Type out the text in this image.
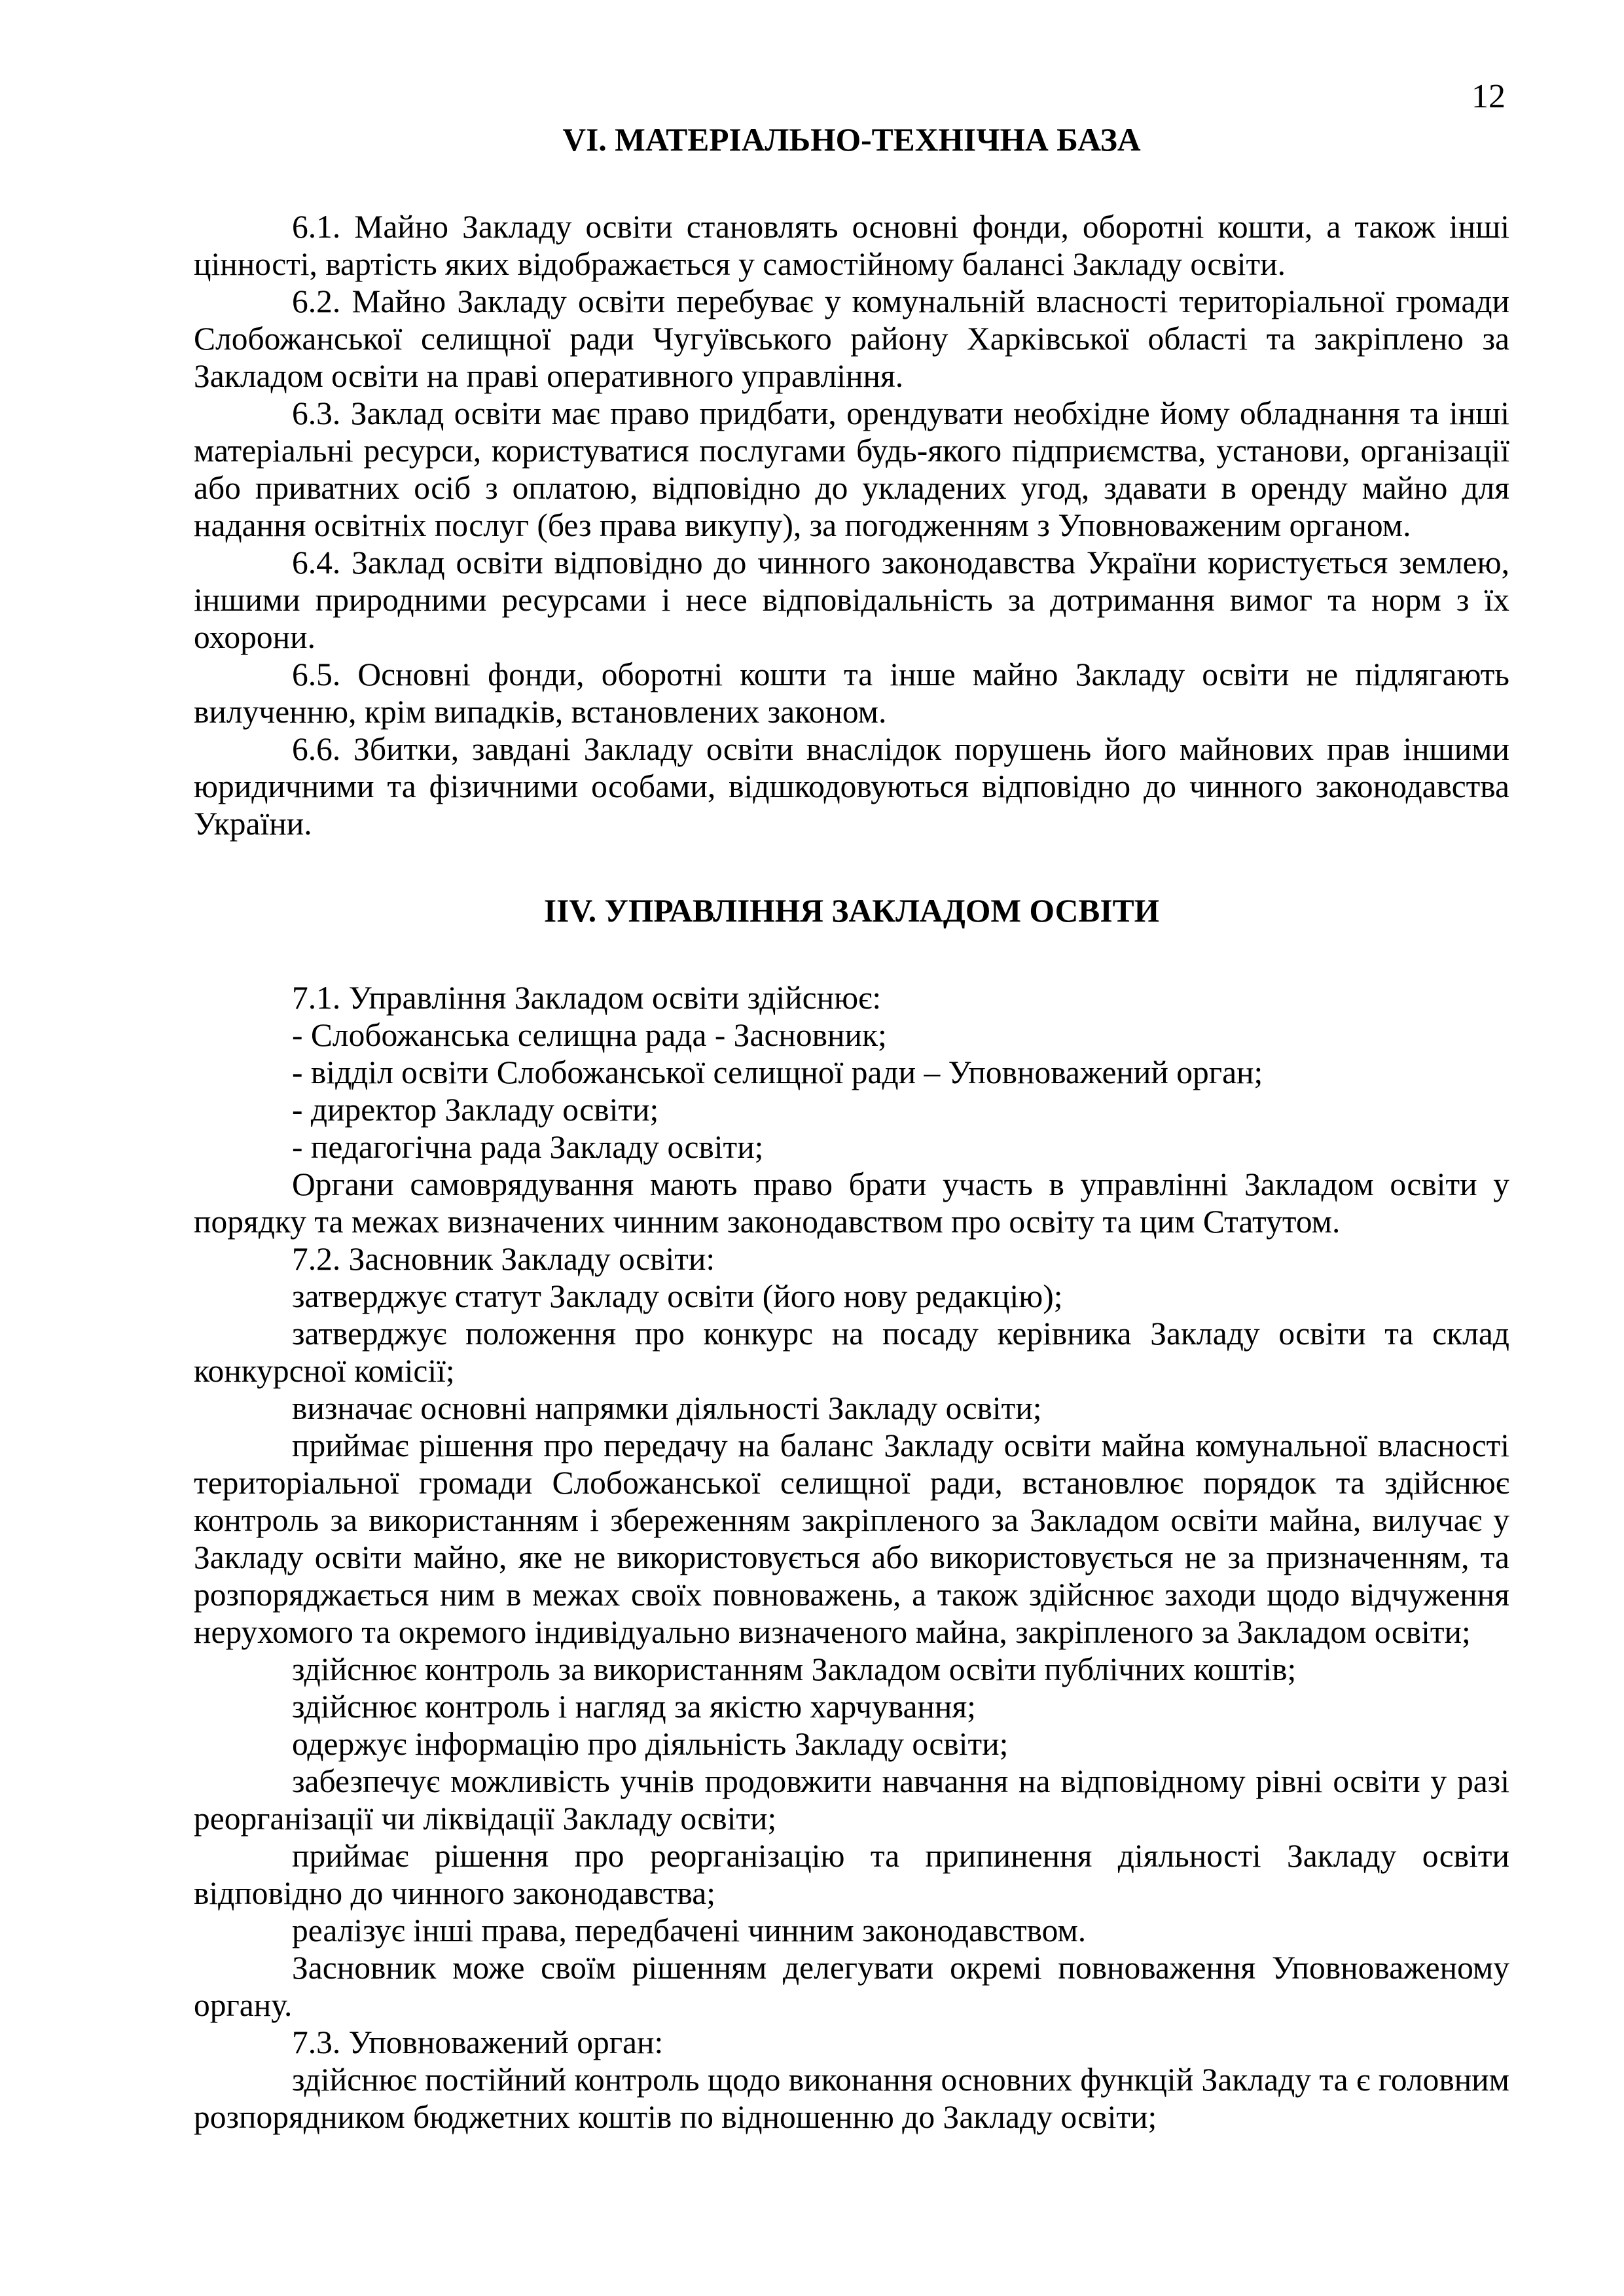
12
VI. МАТЕРІАЛЬНО-ТЕХНІЧНА БАЗА

6.1. Майно Закладу освіти становлять основні фонди, оборотні кошти, а також інші цінності, вартість яких відображається у самостійному балансі Закладу освіти.

6.2. Майно Закладу освіти перебуває у комунальній власності територіальної громади Слобожанської селищної ради Чугуївського району Харківської області та закріплено за Закладом освіти на праві оперативного управління.

6.3. Заклад освіти має право придбати, орендувати необхідне йому обладнання та інші матеріальні ресурси, користуватися послугами будь-якого підприємства, установи, організації або приватних осіб з оплатою, відповідно до укладених угод, здавати в оренду майно для надання освітніх послуг (без права викупу), за погодженням з Уповноваженим органом.

6.4. Заклад освіти відповідно до чинного законодавства України користується землею, іншими природними ресурсами і несе відповідальність за дотримання вимог та норм з їх охорони.

6.5. Основні фонди, оборотні кошти та інше майно Закладу освіти не підлягають вилученню, крім випадків, встановлених законом.

6.6. Збитки, завдані Закладу освіти внаслідок порушень його майнових прав іншими юридичними та фізичними особами, відшкодовуються відповідно до чинного законодавства України.

IIV. УПРАВЛІННЯ ЗАКЛАДОМ ОСВІТИ

7.1. Управління Закладом освіти здійснює:

- Слобожанська селищна рада - Засновник;

- відділ освіти Слобожанської селищної ради – Уповноважений орган;

- директор Закладу освіти;

- педагогічна рада Закладу освіти;

Органи самоврядування мають право брати участь в управлінні Закладом освіти у порядку та межах визначених чинним законодавством про освіту та цим Статутом.

7.2. Засновник Закладу освіти:

затверджує статут Закладу освіти (його нову редакцію);

затверджує положення про конкурс на посаду керівника Закладу освіти та склад конкурсної комісії;

визначає основні напрямки діяльності Закладу освіти;

приймає рішення про передачу на баланс Закладу освіти майна комунальної власності територіальної громади Слобожанської селищної ради, встановлює порядок та здійснює контроль за використанням і збереженням закріпленого за Закладом освіти майна, вилучає у Закладу освіти майно, яке не використовується або використовується не за призначенням, та розпоряджається ним в межах своїх повноважень, а також здійснює заходи щодо відчуження нерухомого та окремого індивідуально визначеного майна, закріпленого за Закладом освіти;

здійснює контроль за використанням Закладом освіти публічних коштів;

здійснює контроль і нагляд за якістю харчування;

одержує інформацію про діяльність Закладу освіти;

забезпечує можливість учнів продовжити навчання на відповідному рівні освіти у разі реорганізації чи ліквідації Закладу освіти;

приймає рішення про реорганізацію та припинення діяльності Закладу освіти відповідно до чинного законодавства;

реалізує інші права, передбачені чинним законодавством.

Засновник може своїм рішенням делегувати окремі повноваження Уповноваженому органу.

7.3. Уповноважений орган:

здійснює постійний контроль щодо виконання основних функцій Закладу та є головним розпорядником бюджетних коштів по відношенню до Закладу освіти;
